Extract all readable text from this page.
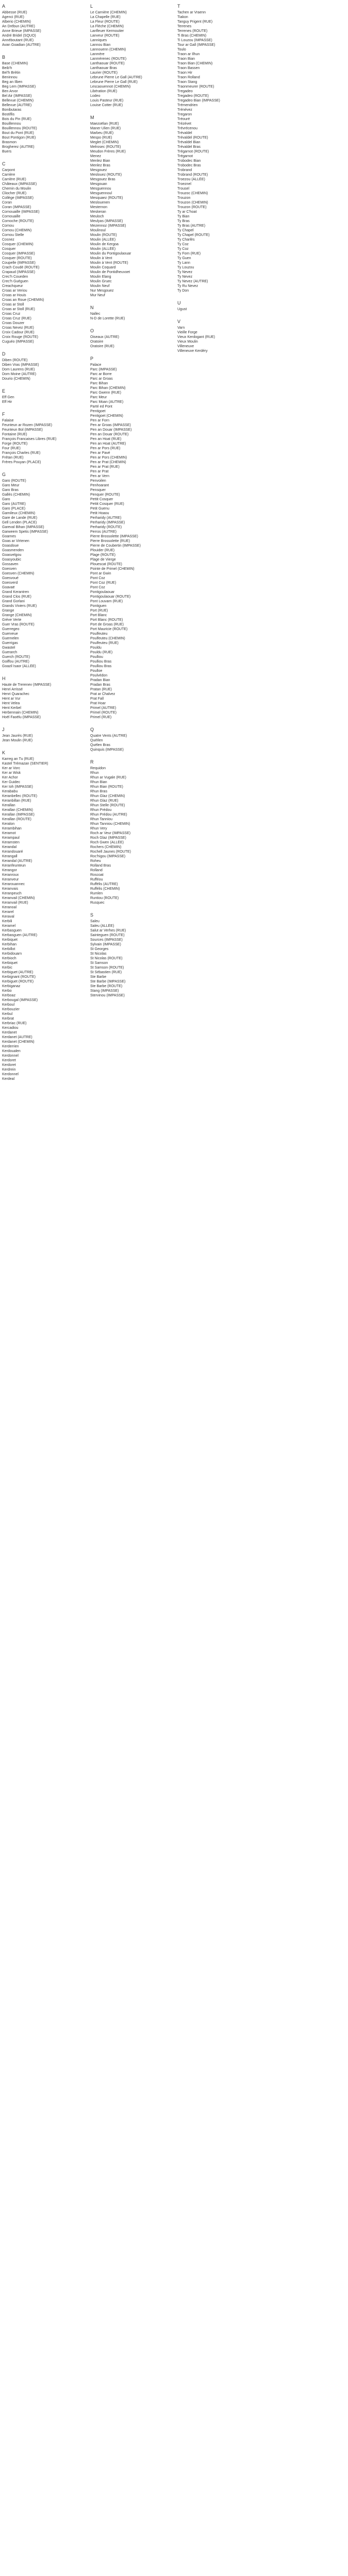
A
Abbesse (RUE)
Agenci (RUE)
Alberio (CHEMIN)
An Drébun (AUTRE)
Anne Brieue (IMPASSE)
André Bridel (SQUO)
Annéboutant (RUE)
Avan Goadian (AUTRE)
B
Base (CHEMIN)
Beib'h
Bel'h Brétin
Beninnou
Beg an Ilben
Beg Lem (IMPASSE)
Ben Arvor
Bel Air (IMPASSE)
Bellevue (CHEMIN)
Bellevue (AUTRE)
Bonibutaras
Bostiflis
Bois du Pin (RUE)
Bouillennou
Bouillennou (ROUTE)
Bout du Pont (RUE)
Bout Pontigon (RUE)
Brasmon
Brogherez (AUTRE)
Buers
C
Carpont
Carrière
Carrière (RUE)
Châteaux (IMPASSE)
Chemin du Moulin
Cliocher (RUE)
Collège (IMPASSE)
Coran
Coran (IMPASSE)
Cornouaille (IMPASSE)
Cornouaille
Cornoche (ROUTE)
Cornou
Cornou (CHEMIN)
Cornou Stelle
Cosnez
Cosquer (CHEMIN)
Cosquer
Cosquer (IMPASSE)
Cosquer (ROUTE)
Coupelle (IMPASSE)
Crach Coudé (ROUTE)
Crapaud (IMPASSE)
Crec'h Coueden
Crec'h Guéguen
Creachqueur
Croas ar Veriou
Croas ar Houis
Croas an Roue (CHEMIN)
Croas ar Stoll
Croas ar Stoll (RUE)
Croas Cruz
Croas Cruz (RUE)
Croas Douzer
Croas Nevez (RUE)
Croix Cadour (RUE)
Croix Rouge (ROUTE)
Cuguéo (IMPASSE)
D
Diben (ROUTE)
Diben Vras (IMPASSE)
Dom Laurens (RUE)
Dom Moine (AUTRE)
Dourio (CHEMIN)
E
Eff Gen
Eff Hir
F
Falaise
Feunteun ar Rozen (IMPASSE)
Feunteun Bol (IMPASSE)
Fontaine (RUE)
François Francaises Libres (RUE)
Forge (ROUTE)
Four (RUE)
François Charles (RUE)
Frétan (RUE)
Frères Pouyan (PLACE)
G
Garo (ROUTE)
Garo Meur
Garo Bras
Gallés (CHEMIN)
Garo
Garo (AUTRE)
Garo (PLACE)
Garnileux (CHEMIN)
Gare de Lande (RUE)
Gell Lenden (PLACE)
Gareval Bihan (IMPASSE)
Garweem Spetis (IMPASSE)
Goarnes
Goas ar Virtenen
Goasdoue
Goasmenden
Goasvelgou
Goasyoubic
Gossaven
Goesven
Goesven (CHEMIN)
Goesvoué
Goesverd
Goavaë
Grand Kerantren
Grand Clos (RUE)
Grand Gorlani
Grands Viviers (RUE)
Grange
Grange (CHEMIN)
Grève Verte
Guer Vras (ROUTE)
Guerregeo
Guerveue
Guernelen
Guerrigas
Gwastel
Guerarch
Guerch (ROUTE)
Goiffou (AUTRE)
Goazil Isaor (ALLÉE)
H
Haute de Trerenev (IMPASSE)
Henri Arrissé
Henri Quarachec
Hent ar Vur
Hent Velea
Hent Kerbel
Herbennain (CHEMIN)
Hoël Faoëlu (IMPASSE)
J
Jean Jaurès (RUE)
Jean Moulin (RUE)
K
Karreg an Tu (RUE)
Kastel Trémazan (SENTIER)
Ker ar Vorc
Ker ar Wisk
Ker Achor
Ker Guidec
Ker Ioh (IMPASSE)
Kerababu
Keranbellec (ROUTE)
Keranbillan (RUE)
Kerallan
Kerallan (CHEMIN)
Kerallan (IMPASSE)
Kerallan (ROUTE)
Keralon
Kerambihan
Keramot
Kerampaul
Keramsten
Kerandal
Kerandouaré
Kerangall
Kerandal (AUTRE)
Keranfeunteun
Kerangor
Keranroux
Keranveur
Kerarouannec
Keranvais
Keranpeuch
Keranvail (CHEMIN)
Keranvail (RUE)
Keranoal
Kerarel
Keraval
Kerbili
Keramel
Kerbasguen
Kerbasguen (AUTRE)
Kerbiquet
Kerbihan
Kerbillot
Kerbidouarn
Kerbioch
Kerbiquet
Kerbic
Kerbiguet (AUTRE)
Kerbignant (ROUTE)
Kerbiguet (ROUTE)
Kerbiganaz
Kerbo
Kerboaz
Kerbougal (IMPASSE)
Kerboul
Kerbouzier
Kerbul
Kerbrat
Kerbriac (RUE)
Kercadiou
Kerdanet
Kerdanet (AUTRE)
Kerdanet (CHEMIN)
Kerderrien
Kerdoualen
Kerdonnel
Kerdoret
Kerdoret
Kerdrein
Kerdonnel
Kerdeal
L
Le Carnière (CHEMIN)
La Chapelle (RUE)
La Fleur (ROUTE)
La Flèche (CHEMIN)
Lanfleuer Kermoutier
Lanveur (ROUTE)
Lanniques
Lannou Bian
Lannouenn (CHEMIN)
Lanmère
Lanmèrenec (ROUTE)
Lanthaouar (ROUTE)
Lanthaouar Bras
Laurier (ROUTE)
Lebrune Pierre Le Gall (AUTRE)
Lebrune Pierre Le Gall (RUE)
Lescaouennot (CHEMIN)
Libération (RUE)
Lodeo
Louis Pasteur (RUE)
Louise Cotter (RUE)
M
Maezoëlan (RUE)
Maner Ulien (RUE)
Marbeu (RUE)
Mespo (RUE)
Meglet (CHEMIN)
Melrosec (ROUTE)
Meudon Frères (RUE)
Menez
Menlez Bian
Menlez Bras
Mesgouez
Meslouez (ROUTE)
Mesgouez Bras
Mesgouan
Mesguennou
Mesguennoul
Mesquaez (ROUTE)
Meslouenen
Mesternon
Meskeran
Meuloch
Meulyas (IMPASSE)
Mezennoz (IMPASSE)
Moulinoul
Moulin (ROUTE)
Moulin (ALLÉE)
Moulin de Kergoa
Moulin (ALLÉE)
Moulin du Pontigoulaouar
Moulin à Vent
Moulin à Vent (ROUTE)
Moulin Coquard
Moulin de Pontidheuvoet
Moulin Elang
Moulin Gruec
Moulin Neuf
Nur Mesgouez
Mur Neuf
N
Nallec
N-D de Lorette (RUE)
O
Oiseaux (AUTRE)
Oratoire
Oratoire (RUE)
P
Palace
Parc (IMPASSE)
Parc ar Borre
Parc ar Groas
Parc Bihan
Parc Bihan (CHEMIN)
Parc Gwenn (RUE)
Parc Meur
Parc Moan (AUTRE)
Parté ed Pont
Pentigoet
Pentigoet (CHEMIN)
Pen ar Forn
Pen ar Groas (IMPASSE)
Pen an Douar (IMPASSE)
Pen an Douar (ROUTE)
Pen an Hoat (RUE)
Pen an Hoat (AUTRE)
Pen ar Pors (RUE)
Pen ar Pavé
Pen ar Pors (CHEMIN)
Pen ar Prat (CHEMIN)
Pen ar Prat (RUE)
Pen ar Prat
Pen ar Vern
Penvoilen
Penhoarant
Pensquer
Penquer (ROUTE)
Pettit Cosquer
Pettit Cosquer (RUE)
Petit Guenu
Petit Hoaou
Perharidy (AUTRE)
Perharidy (IMPASSE)
Perharidy (ROUTE)
Perros (AUTRE)
Pierre Brossolette (IMPASSE)
Pierre Brossolette (RUE)
Pierre de Coubertin (IMPASSE)
Plouider (RUE)
Plage (ROUTE)
Plage de Vierge
Plouescat (ROUTE)
Pointe de Primel (CHEMIN)
Pont ar Gwin
Pont Coz
Pont Coz (RUE)
Pont Coz
Pontigoulaouar
Pontigoulaouar (ROUTE)
Pont Louvarn (RUE)
Pontiguen
Port (RUE)
Port Blanc
Port Blanc (ROUTE)
Port de Groas (RUE)
Port Mauricie (ROUTE)
Poulfeuteu
Poulfeuteu (CHEMIN)
Poulfeuteu (RUE)
Pouldu
Pouldu (RUE)
Poulliou
Poulliou Bras
Poulliou Bras
Poulloe
Poulvédon
Pradan Bian
Pradan Bras
Pratan (RUE)
Prat ar Chalvez
Prat Fall
Prat Hoar
Primel (AUTRE)
Primel (ROUTE)
Primel (RUE)
Q
Quatre Vents (AUTRE)
Quéïlen
Quélen Bras
Quinquis (IMPASSE)
R
Requidon
Rhun
Rhun ar Vugale (RUE)
Rhun Bian
Rhun Bian (ROUTE)
Rhun Bras
Rhun Glaz (CHEMIN)
Rhun Glaz (RUE)
Rhun Stelle (ROUTE)
Rhun Prédou
Rhun Prédou (AUTRE)
Rhun Tanniou
Rhun Tanniou (CHEMIN)
Rhun Very
Roch ar Veur (IMPASSE)
Roch Glaz (IMPASSE)
Roch Gwen (ALLÉE)
Rochers (CHEMIN)
Rochell Jaunes (ROUTE)
Roc'higou (IMPASSE)
Roheu
Rolland Bras
Rolland
Roscoat
Rufféou
Ruffélis (AUTRE)
Ruffélis (CHEMIN)
Rumlen
Runtiou (ROUTE)
Rusquec
S
Saleu
Saleu (ALLÉE)
Salut ar Verhes (RUE)
Sainteguen (ROUTE)
Sources (IMPASSE)
Sylvain (IMPASSE)
St Georges
St Nicolas
St Nicolas (ROUTE)
St Samson
St Samson (ROUTE)
St Sébastien (RUE)
Ste Barbe
Ste Barbe (IMPASSE)
Ste Barbe (ROUTE)
Stang (IMPASSE)
Stervinou (IMPASSE)
T
Tachen ar Vraenn
Tiakon
Tanguy Prigent (RUE)
Terrenes
Terrenes (ROUTE)
Ti Bras (CHEMIN)
Ti Louzou (IMPASSE)
Tour ar Gall (IMPASSE)
Toulo
Traon ar Ilhun
Traon Bian
Traon Bian (CHEMIN)
Traon Bassen
Traon Hir
Traon Rolland
Traon Stang
Traonmeurer (ROUTE)
Tregadeo
Tregadeo (ROUTE)
Tregadeo Bian (IMPASSE)
Trémendrien
Trénévez
Tregaron
Tréouré
Trézévet
Trévrécenou
Trévaldel
Trévaldel (ROUTE)
Trévaldel Bian
Trévaldel Bras
Trégarnot (ROUTE)
Trégarnot
Trobodec Bian
Trobodec Bras
Trobrand
Trobrand (ROUTE)
Troezou (ALLÉE)
Troeznel
Trousel
Trouzoc (CHEMIN)
Trouzon
Trouzon (CHEMIN)
Trouzon (ROUTE)
Ty ar C'hoat
Ty Bian
Ty Bras
Ty Bras (AUTRE)
Ty Chapel
Ty Chapel (ROUTE)
Ty Charlès
Ty Coz
Ty Coz
Ty Forn (RUE)
Ty Guen
Ty Lann
Ty Louzou
Ty Nevez
Ty Nevez
Ty Nevez (AUTRE)
Ty Ru Nevez
Ty Don
U
Ugust
V
Varn
Vieille Forge
Vieux Kerdogant (RUE)
Vieux Moulin
Villeneuve
Villeneuve Kerdéry
